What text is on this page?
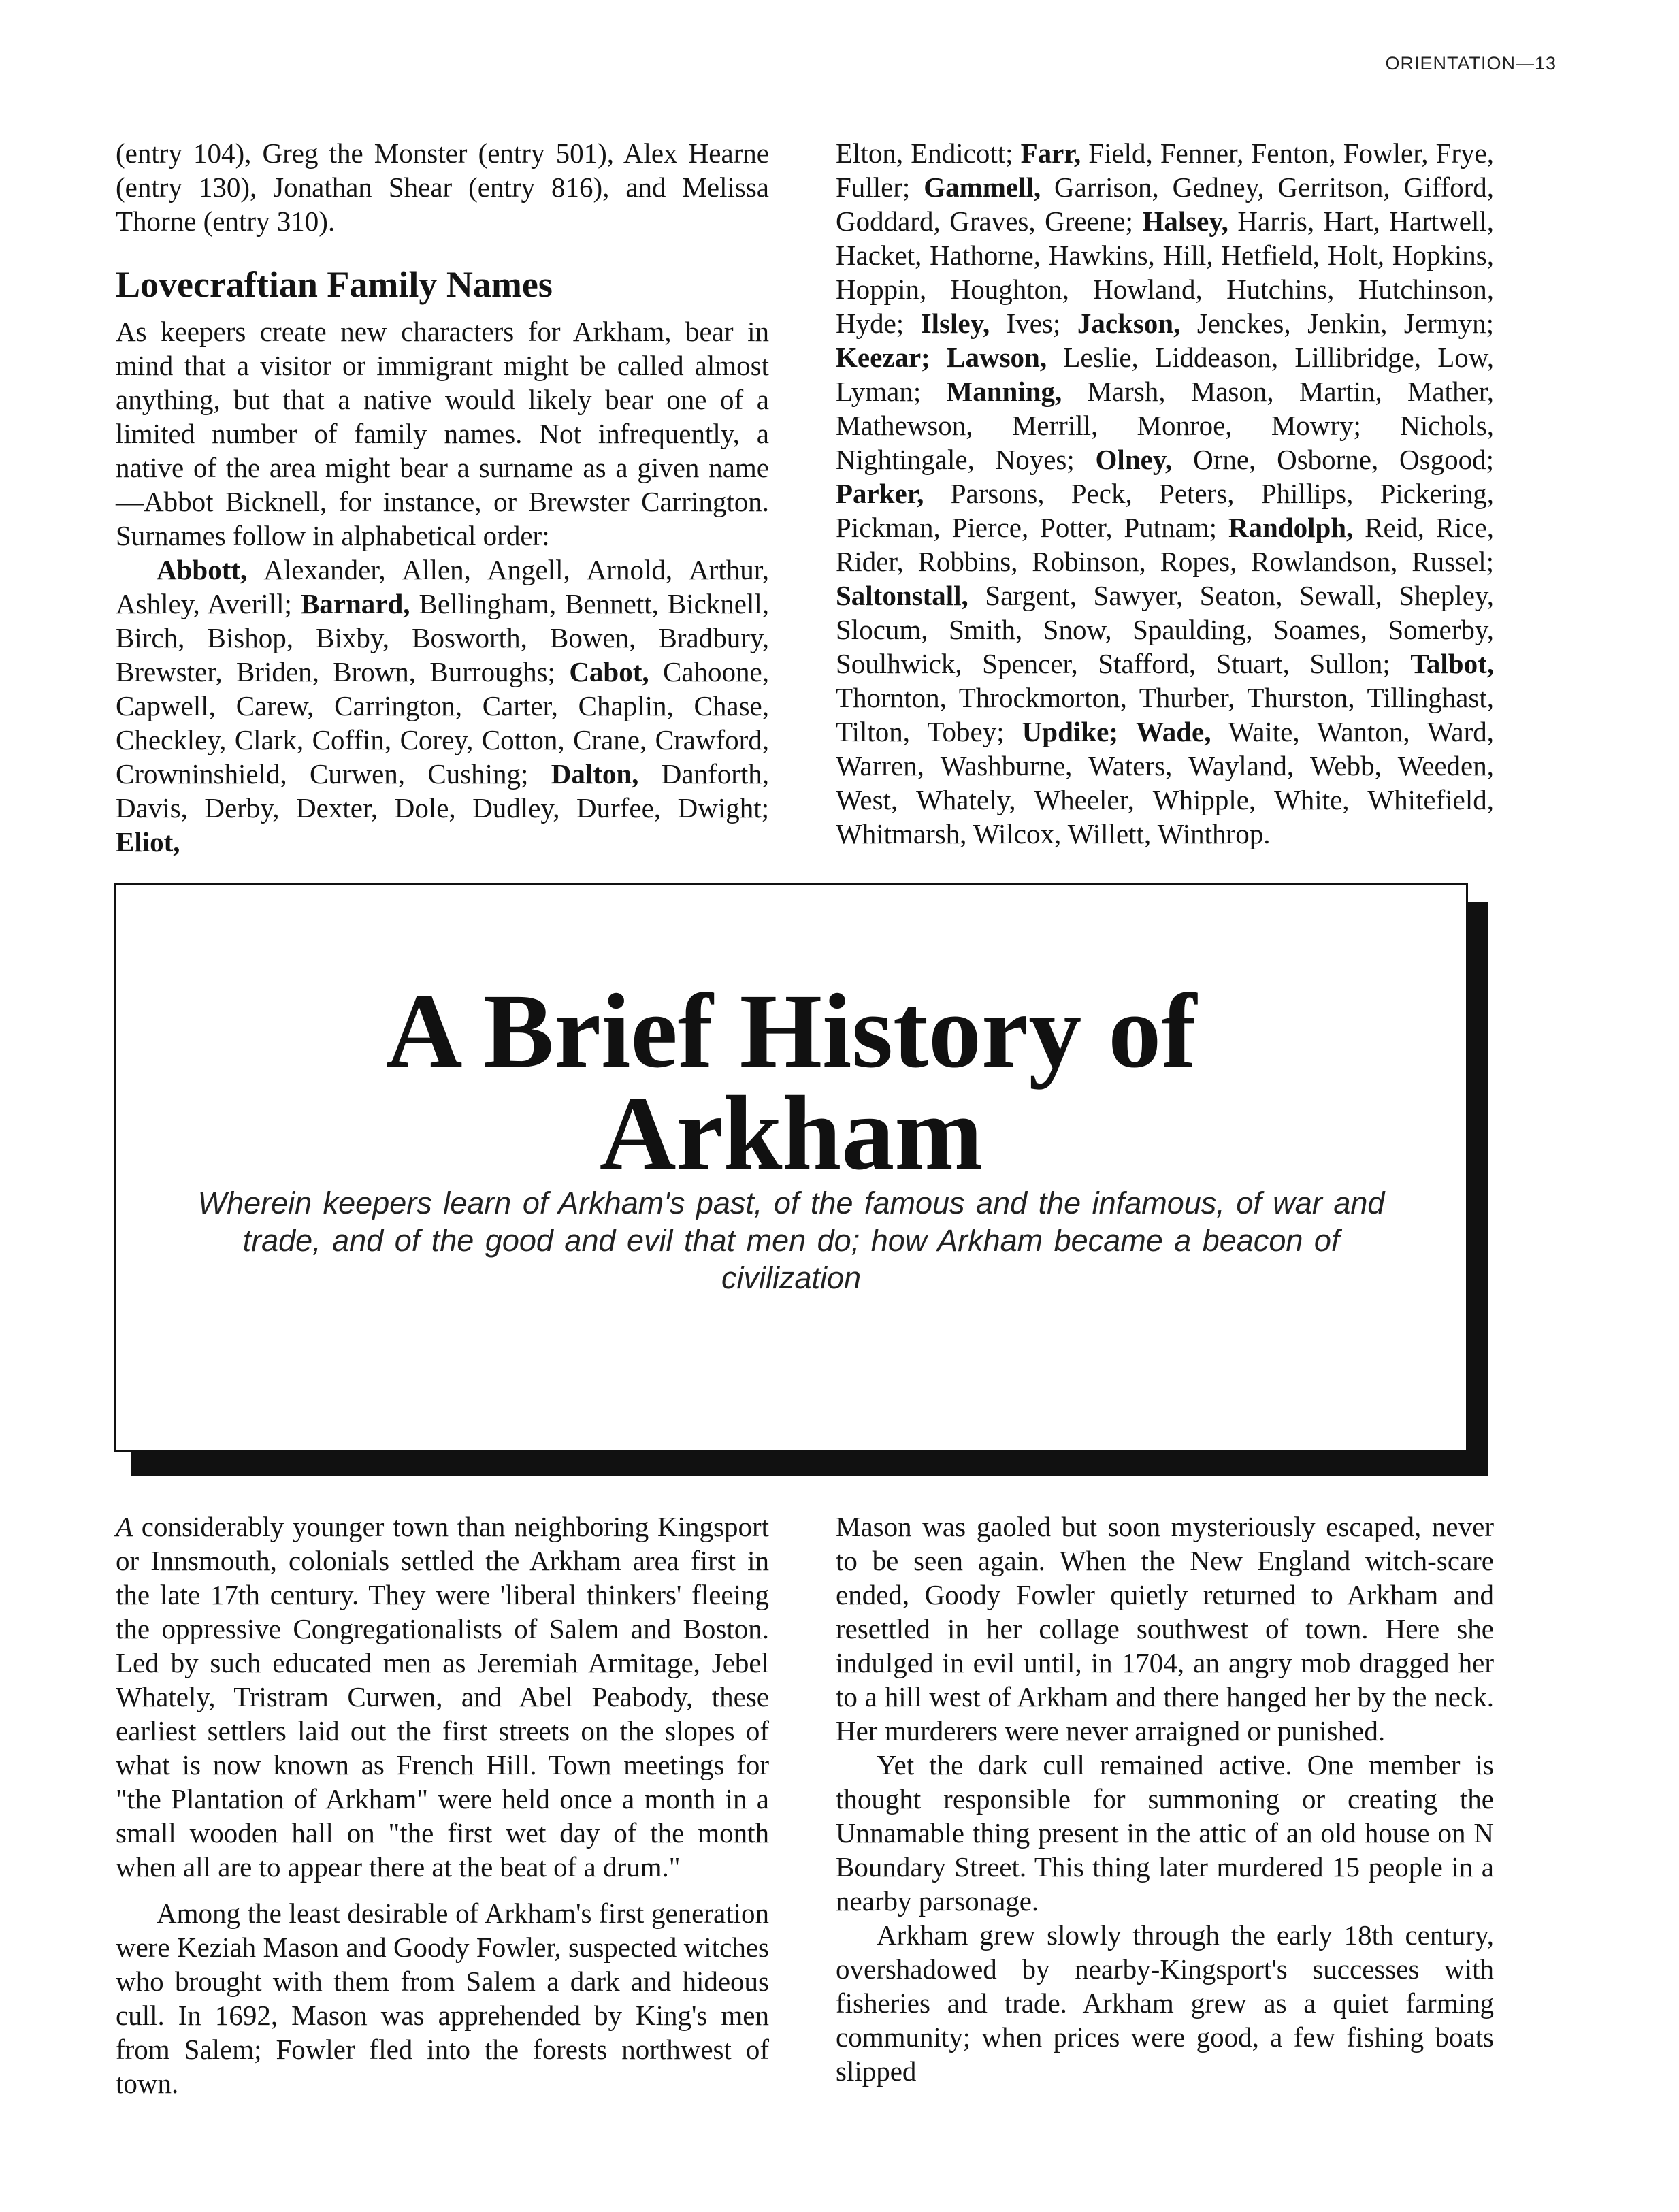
ORIENTATION—13

(entry 104), Greg the Monster (entry 501), Alex Hearne (entry 130), Jonathan Shear (entry 816), and Melissa Thorne (entry 310).

Lovecraftian Family Names

As keepers create new characters for Arkham, bear in mind that a visitor or immigrant might be called almost anything, but that a native would likely bear one of a limited number of family names. Not infrequently, a native of the area might bear a surname as a given name—Abbot Bicknell, for instance, or Brewster Carrington. Surnames follow in alphabetical order:

Abbott, Alexander, Allen, Angell, Arnold, Arthur, Ashley, Averill; Barnard, Bellingham, Bennett, Bicknell, Birch, Bishop, Bixby, Bosworth, Bowen, Bradbury, Brewster, Briden, Brown, Burroughs; Cabot, Cahoone, Capwell, Carew, Carrington, Carter, Chaplin, Chase, Checkley, Clark, Coffin, Corey, Cotton, Crane, Crawford, Crowninshield, Curwen, Cushing; Dalton, Danforth, Davis, Derby, Dexter, Dole, Dudley, Durfee, Dwight; Eliot,

Elton, Endicott; Farr, Field, Fenner, Fenton, Fowler, Frye, Fuller; Gammell, Garrison, Gedney, Gerritson, Gifford, Goddard, Graves, Greene; Halsey, Harris, Hart, Hartwell, Hacket, Hathorne, Hawkins, Hill, Hetfield, Holt, Hopkins, Hoppin, Houghton, Howland, Hutchins, Hutchinson, Hyde; Ilsley, Ives; Jackson, Jenckes, Jenkin, Jermyn; Keezar; Lawson, Leslie, Liddeason, Lillibridge, Low, Lyman; Manning, Marsh, Mason, Martin, Mather, Mathewson, Merrill, Monroe, Mowry; Nichols, Nightingale, Noyes; Olney, Orne, Osborne, Osgood; Parker, Parsons, Peck, Peters, Phillips, Pickering, Pickman, Pierce, Potter, Putnam; Randolph, Reid, Rice, Rider, Robbins, Robinson, Ropes, Rowlandson, Russel; Saltonstall, Sargent, Sawyer, Seaton, Sewall, Shepley, Slocum, Smith, Snow, Spaulding, Soames, Somerby, Soulhwick, Spencer, Stafford, Stuart, Sullon; Talbot, Thornton, Throckmorton, Thurber, Thurston, Tillinghast, Tilton, Tobey; Updike; Wade, Waite, Wanton, Ward, Warren, Washburne, Waters, Wayland, Webb, Weeden, West, Whately, Wheeler, Whipple, White, Whitefield, Whitmarsh, Wilcox, Willett, Winthrop.

A Brief History of
Arkham
Wherein keepers learn of Arkham's past, of the famous and the infamous, of war and trade, and of the good and evil that men do; how Arkham became a beacon of civilization

A considerably younger town than neighboring Kingsport or Innsmouth, colonials settled the Arkham area first in the late 17th century. They were 'liberal thinkers' fleeing the oppressive Congregationalists of Salem and Boston. Led by such educated men as Jeremiah Armitage, Jebel Whately, Tristram Curwen, and Abel Peabody, these earliest settlers laid out the first streets on the slopes of what is now known as French Hill. Town meetings for "the Plantation of Arkham" were held once a month in a small wooden hall on "the first wet day of the month when all are to appear there at the beat of a drum."

Among the least desirable of Arkham's first generation were Keziah Mason and Goody Fowler, suspected witches who brought with them from Salem a dark and hideous cull. In 1692, Mason was apprehended by King's men from Salem; Fowler fled into the forests northwest of town.

Mason was gaoled but soon mysteriously escaped, never to be seen again. When the New England witch-scare ended, Goody Fowler quietly returned to Arkham and resettled in her collage southwest of town. Here she indulged in evil until, in 1704, an angry mob dragged her to a hill west of Arkham and there hanged her by the neck. Her murderers were never arraigned or punished.

Yet the dark cull remained active. One member is thought responsible for summoning or creating the Unnamable thing present in the attic of an old house on N Boundary Street. This thing later murdered 15 people in a nearby parsonage.

Arkham grew slowly through the early 18th century, overshadowed by nearby-Kingsport's successes with fisheries and trade. Arkham grew as a quiet farming community; when prices were good, a few fishing boats slipped
